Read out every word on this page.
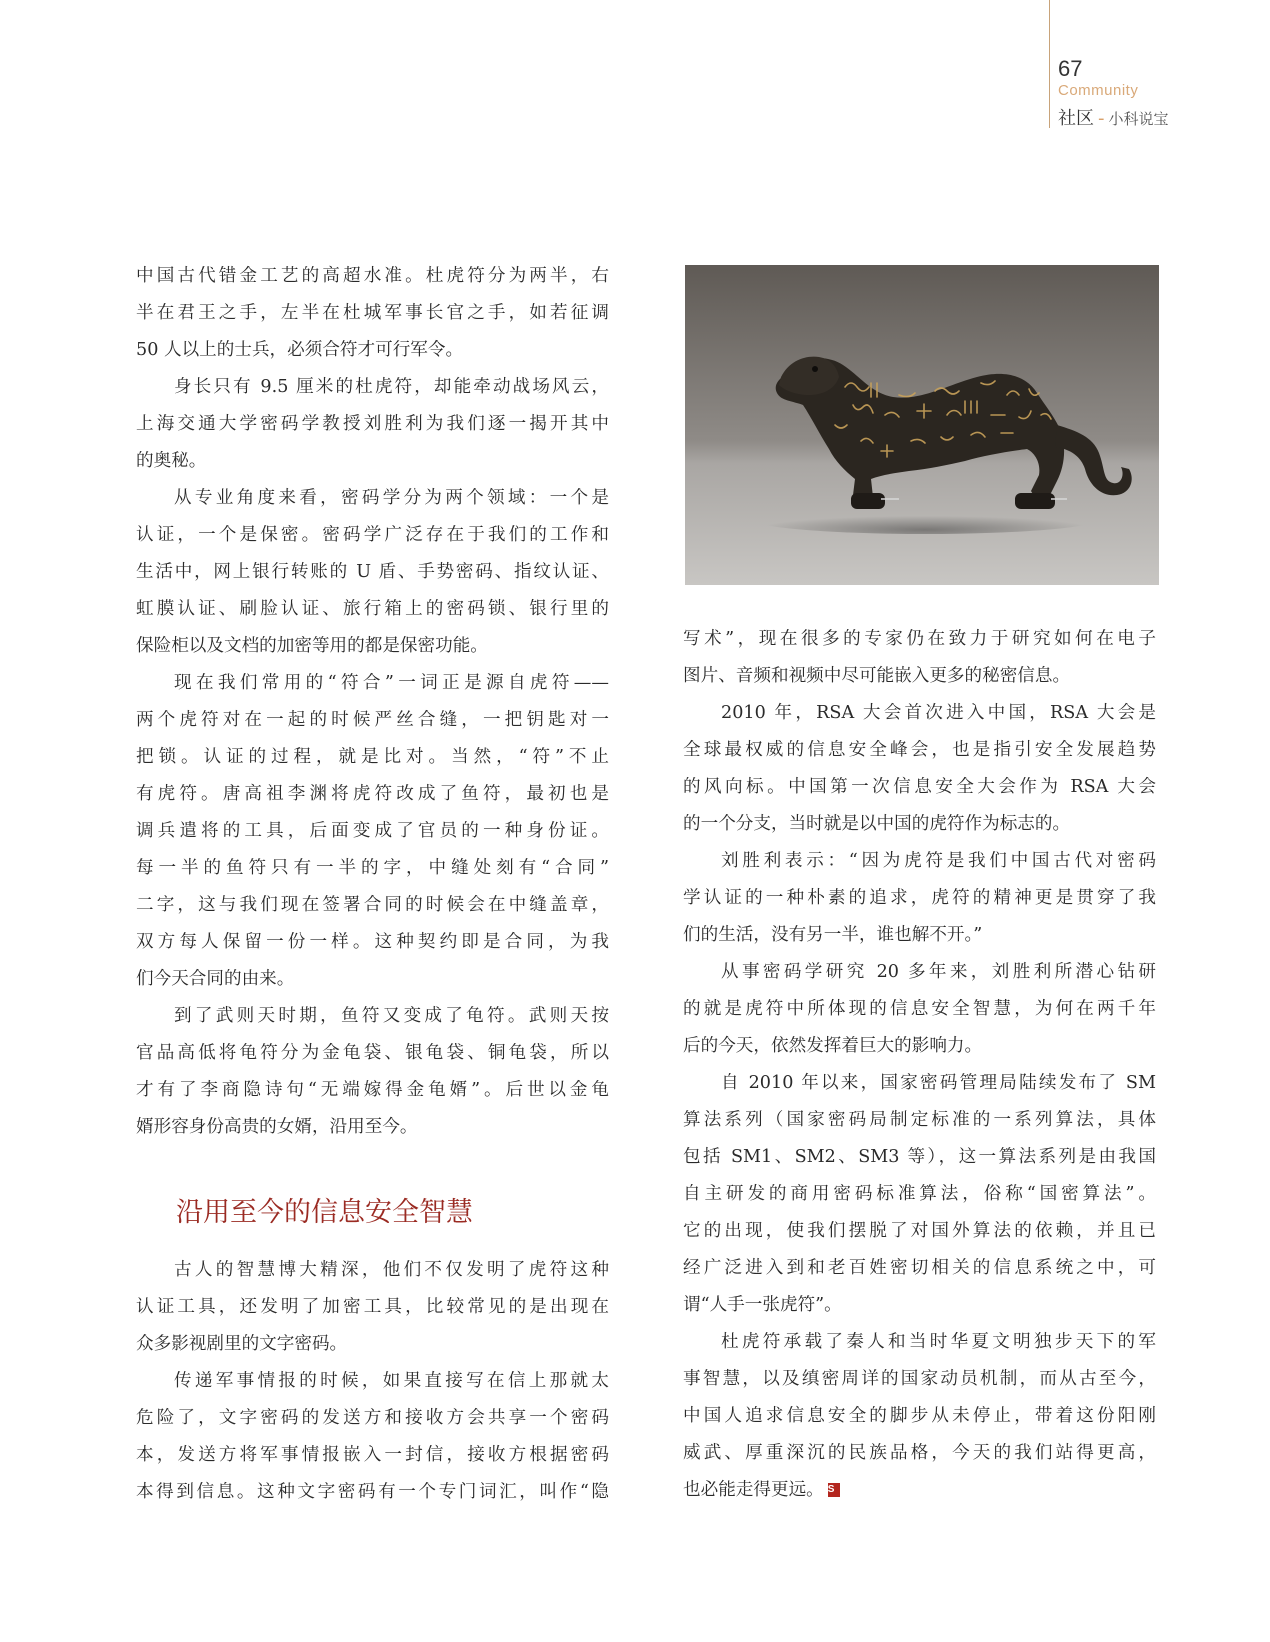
67
Community
社区 - 小科说宝
中国古代错金工艺的高超水准。杜虎符分为两半，右
半在君王之手，左半在杜城军事长官之手，如若征调
50 人以上的士兵，必须合符才可行军令。
身长只有 9.5 厘米的杜虎符，却能牵动战场风云，
上海交通大学密码学教授刘胜利为我们逐一揭开其中
的奥秘。
从专业角度来看，密码学分为两个领域：一个是
认证，一个是保密。密码学广泛存在于我们的工作和
生活中，网上银行转账的 U 盾、手势密码、指纹认证、
虹膜认证、刷脸认证、旅行箱上的密码锁、银行里的
保险柜以及文档的加密等用的都是保密功能。
现在我们常用的“符合”一词正是源自虎符——
两个虎符对在一起的时候严丝合缝，一把钥匙对一
把锁。认证的过程，就是比对。当然，“符”不止
有虎符。唐高祖李渊将虎符改成了鱼符，最初也是
调兵遣将的工具，后面变成了官员的一种身份证。
每一半的鱼符只有一半的字，中缝处刻有“合同”
二字，这与我们现在签署合同的时候会在中缝盖章，
双方每人保留一份一样。这种契约即是合同，为我
们今天合同的由来。
到了武则天时期，鱼符又变成了龟符。武则天按
官品高低将龟符分为金龟袋、银龟袋、铜龟袋，所以
才有了李商隐诗句“无端嫁得金龟婿”。后世以金龟
婿形容身份高贵的女婿，沿用至今。
古人的智慧博大精深，他们不仅发明了虎符这种
认证工具，还发明了加密工具，比较常见的是出现在
众多影视剧里的文字密码。
传递军事情报的时候，如果直接写在信上那就太
危险了，文字密码的发送方和接收方会共享一个密码
本，发送方将军事情报嵌入一封信，接收方根据密码
本得到信息。这种文字密码有一个专门词汇，叫作“隐
沿用至今的信息安全智慧
写术”，现在很多的专家仍在致力于研究如何在电子
图片、音频和视频中尽可能嵌入更多的秘密信息。
2010 年，RSA 大会首次进入中国，RSA 大会是
全球最权威的信息安全峰会，也是指引安全发展趋势
的风向标。中国第一次信息安全大会作为 RSA 大会
的一个分支，当时就是以中国的虎符作为标志的。
刘胜利表示：“因为虎符是我们中国古代对密码
学认证的一种朴素的追求，虎符的精神更是贯穿了我
们的生活，没有另一半，谁也解不开。”
从事密码学研究 20 多年来，刘胜利所潜心钻研
的就是虎符中所体现的信息安全智慧，为何在两千年
后的今天，依然发挥着巨大的影响力。
自 2010 年以来，国家密码管理局陆续发布了 SM
算法系列（国家密码局制定标准的一系列算法，具体
包括 SM1、SM2、SM3 等），这一算法系列是由我国
自主研发的商用密码标准算法，俗称“国密算法”。
它的出现，使我们摆脱了对国外算法的依赖，并且已
经广泛进入到和老百姓密切相关的信息系统之中，可
谓“人手一张虎符”。
杜虎符承载了秦人和当时华夏文明独步天下的军
事智慧，以及缜密周详的国家动员机制，而从古至今，
中国人追求信息安全的脚步从未停止，带着这份阳刚
威武、厚重深沉的民族品格，今天的我们站得更高，
也必能走得更远。 S
